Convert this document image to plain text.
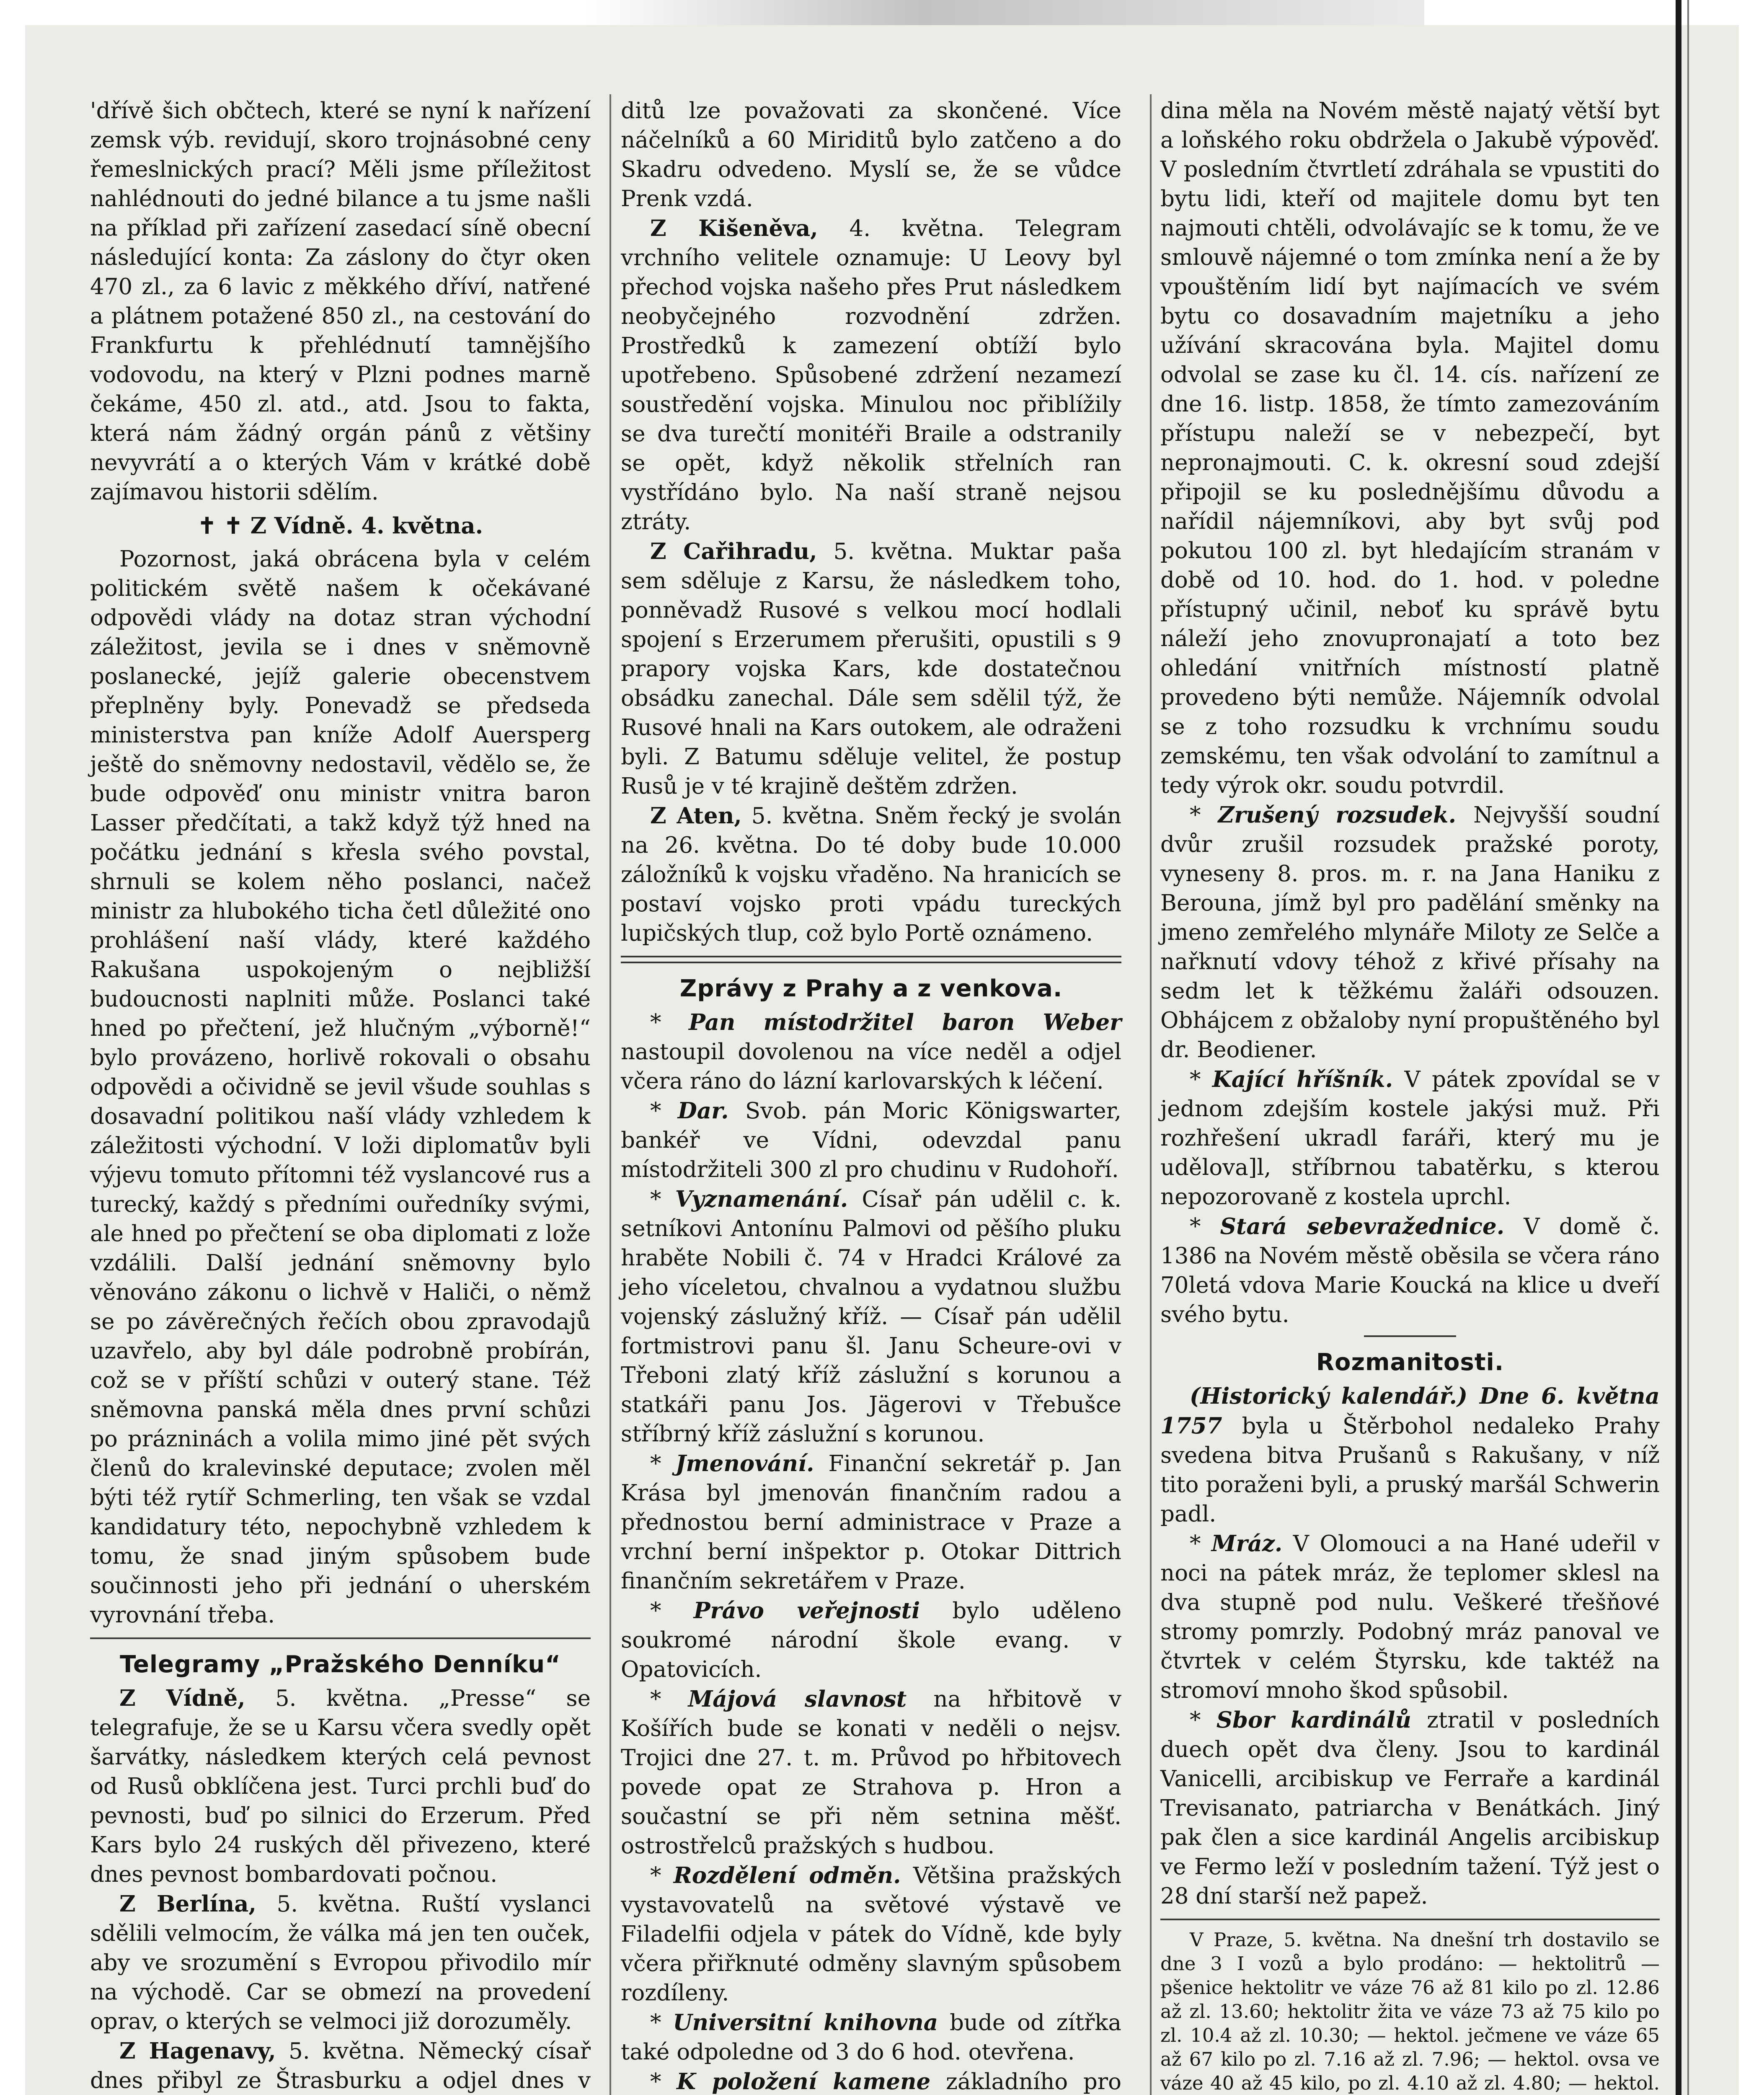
'dřívě šich občtech, které se nyní k nařízení zemsk výb. revidují, skoro trojnásobné ceny řemeslnických prací? Měli jsme příležitost nahlédnouti do jedné bilance a tu jsme našli na příklad při zařízení zasedací síně obecní následující konta: Za záslony do čtyr oken 470 zl., za 6 lavic z měkkého dříví, natřené a plátnem potažené 850 zl., na cestování do Frankfurtu k přehlédnutí tamnějšího vodovodu, na který v Plzni podnes marně čekáme, 450 zl. atd., atd. Jsou to fakta, která nám žádný orgán pánů z většiny nevyvrátí a o kterých Vám v krátké době zajímavou historii sdělím.

✝ ✝ Z Vídně. 4. května.

Pozornost, jaká obrácena byla v celém politickém světě našem k očekávané odpovědi vlády na dotaz stran východní záležitost, jevila se i dnes v sněmovně poslanecké, jejíž galerie obecenstvem přeplněny byly. Ponevadž se předseda ministerstva pan kníže Adolf Auersperg ještě do sněmovny nedostavil, vědělo se, že bude odpověď onu ministr vnitra baron Lasser předčítati, a takž když týž hned na počátku jednání s křesla svého povstal, shrnuli se kolem něho poslanci, načež ministr za hlubokého ticha četl důležité ono prohlášení naší vlády, které každého Rakušana uspokojeným o nejbližší budoucnosti naplniti může. Poslanci také hned po přečtení, jež hlučným „výborně!“ bylo provázeno, horlivě rokovali o obsahu odpovědi a očividně se jevil všude souhlas s dosavadní politikou naší vlády vzhledem k záležitosti východní. V loži diplomatův byli výjevu tomuto přítomni též vyslancové rus a turecký, každý s předními ouředníky svými, ale hned po přečtení se oba diplomati z lože vzdálili. Další jednání sněmovny bylo věnováno zákonu o lichvě v Haliči, o němž se po závěrečných řečích obou zpravodajů uzavřelo, aby byl dále podrobně probírán, což se v příští schůzi v outerý stane. Též sněmovna panská měla dnes první schůzi po prázninách a volila mimo jiné pět svých členů do kralevinské deputace; zvolen měl býti též rytíř Schmerling, ten však se vzdal kandidatury této, nepochybně vzhledem k tomu, že snad jiným spůsobem bude součinnosti jeho při jednání o uherském vyrovnání třeba.

Telegramy „Pražského Denníku“

Z Vídně, 5. května. „Presse“ se telegrafuje, že se u Karsu včera svedly opět šarvátky, následkem kterých celá pevnost od Rusů obklíčena jest. Turci prchli buď do pevnosti, buď po silnici do Erzerum. Před Kars bylo 24 ruských děl přivezeno, které dnes pevnost bombardovati počnou.

Z Berlína, 5. května. Ruští vyslanci sdělili velmocím, že válka má jen ten ouček, aby ve srozumění s Evropou přivodilo mír na východě. Car se obmezí na provedení oprav, o kterých se velmoci již dorozuměly.

Z Hagenavy, 5. května. Německý císař dnes přibyl ze Štrasburku a odjel dnes v

ditů lze považovati za skončené. Více náčelníků a 60 Miriditů bylo zatčeno a do Skadru odvedeno. Myslí se, že se vůdce Prenk vzdá.

Z Kišeněva, 4. května. Telegram vrchního velitele oznamuje: U Leovy byl přechod vojska našeho přes Prut následkem neobyčejného rozvodnění zdržen. Prostředků k zamezení obtíží bylo upotřebeno. Spůsobené zdržení nezamezí soustředění vojska. Minulou noc přiblížily se dva turečtí monitéři Braile a odstranily se opět, když několik střelních ran vystřídáno bylo. Na naší straně nejsou ztráty.

Z Cařihradu, 5. května. Muktar paša sem sděluje z Karsu, že následkem toho, ponněvadž Rusové s velkou mocí hodlali spojení s Erzerumem přerušiti, opustili s 9 prapory vojska Kars, kde dostatečnou obsádku zanechal. Dále sem sdělil týž, že Rusové hnali na Kars outokem, ale odraženi byli. Z Batumu sděluje velitel, že postup Rusů je v té krajině deštěm zdržen.

Z Aten, 5. května. Sněm řecký je svolán na 26. května. Do té doby bude 10.000 záložníků k vojsku vřaděno. Na hranicích se postaví vojsko proti vpádu tureckých lupičských tlup, což bylo Portě oznámeno.

Zprávy z Prahy a z venkova.

* Pan místodržitel baron Weber nastoupil dovolenou na více neděl a odjel včera ráno do lázní karlovarských k léčení.

* Dar. Svob. pán Moric Königswarter, bankéř ve Vídni, odevzdal panu místodržiteli 300 zl pro chudinu v Rudohoří.

* Vyznamenání. Císař pán udělil c. k. setníkovi Antonínu Palmovi od pěšího pluku hraběte Nobili č. 74 v Hradci Králové za jeho víceletou, chvalnou a vydatnou službu vojenský záslužný kříž. — Císař pán udělil fortmistrovi panu šl. Janu Scheure-ovi v Třeboni zlatý kříž záslužní s korunou a statkáři panu Jos. Jägerovi v Třebušce stříbrný kříž záslužní s korunou.

* Jmenování. Finanční sekretář p. Jan Krása byl jmenován finančním radou a přednostou berní administrace v Praze a vrchní berní inšpektor p. Otokar Dittrich finančním sekretářem v Praze.

* Právo veřejnosti bylo uděleno soukromé národní škole evang. v Opatovicích.

* Májová slavnost na hřbitově v Košířích bude se konati v neděli o nejsv. Trojici dne 27. t. m. Průvod po hřbitovech povede opat ze Strahova p. Hron a součastní se při něm setnina měšť. ostrostřelců pražských s hudbou.

* Rozdělení odměn. Většina pražských vystavovatelů na světové výstavě ve Filadelfii odjela v pátek do Vídně, kde byly včera přiřknuté odměny slavným spůsobem rozdíleny.

* Universitní knihovna bude od zítřka také odpoledne od 3 do 6 hod. otevřena.

* K položení kamene základního pro

dina měla na Novém městě najatý větší byt a loňského roku obdržela o Jakubě výpověď. V posledním čtvrtletí zdráhala se vpustiti do bytu lidi, kteří od majitele domu byt ten najmouti chtěli, odvolávajíc se k tomu, že ve smlouvě nájemné o tom zmínka není a že by vpouštěním lidí byt najímacích ve svém bytu co dosavadním majetníku a jeho užívání skracována byla. Majitel domu odvolal se zase ku čl. 14. cís. nařízení ze dne 16. listp. 1858, že tímto zamezováním přístupu naleží se v nebezpečí, byt nepronajmouti. C. k. okresní soud zdejší připojil se ku poslednějšímu důvodu a nařídil nájemníkovi, aby byt svůj pod pokutou 100 zl. byt hledajícím stranám v době od 10. hod. do 1. hod. v poledne přístupný učinil, neboť ku správě bytu náleží jeho znovupronajatí a toto bez ohledání vnitřních místností platně provedeno býti nemůže. Nájemník odvolal se z toho rozsudku k vrchnímu soudu zemskému, ten však odvolání to zamítnul a tedy výrok okr. soudu potvrdil.

* Zrušený rozsudek. Nejvyšší soudní dvůr zrušil rozsudek pražské poroty, vyneseny 8. pros. m. r. na Jana Haniku z Berouna, jímž byl pro padělání směnky na jmeno zemřelého mlynáře Miloty ze Selče a nařknutí vdovy téhož z křivé přísahy na sedm let k těžkému žaláři odsouzen. Obhájcem z obžaloby nyní propuštěného byl dr. Beodiener.

* Kající hříšník. V pátek zpovídal se v jednom zdejším kostele jakýsi muž. Při rozhřešení ukradl faráři, který mu je udělova]l, stříbrnou tabatěrku, s kterou nepozorovaně z kostela uprchl.

* Stará sebevražednice. V domě č. 1386 na Novém městě oběsila se včera ráno 70letá vdova Marie Koucká na klice u dveří svého bytu.

Rozmanitosti.

(Historický kalendář.) Dne 6. května 1757 byla u Štěrbohol nedaleko Prahy svedena bitva Prušanů s Rakušany, v níž tito poraženi byli, a pruský maršál Schwerin padl.

* Mráz. V Olomouci a na Hané udeřil v noci na pátek mráz, že teplomer sklesl na dva stupně pod nulu. Veškeré třešňové stromy pomrzly. Podobný mráz panoval ve čtvrtek v celém Štyrsku, kde taktéž na stromoví mnoho škod spůsobil.

* Sbor kardinálů ztratil v posledních duech opět dva členy. Jsou to kardinál Vanicelli, arcibiskup ve Ferraře a kardinál Trevisanato, patriarcha v Benátkách. Jiný pak člen a sice kardinál Angelis arcibiskup ve Fermo leží v posledním tažení. Týž jest o 28 dní starší než papež.

V Praze, 5. května. Na dnešní trh dostavilo se dne 3 I vozů a bylo prodáno: — hektolitrů — pšenice hektolitr ve váze 76 až 81 kilo po zl. 12.86 až zl. 13.60; hektolitr žita ve váze 73 až 75 kilo po zl. 10.4 až zl. 10.30; — hektol. ječmene ve váze 65 až 67 kilo po zl. 7.16 až zl. 7.96; — hektol. ovsa ve váze 40 až 45 kilo, po zl. 4.10 až zl. 4.80; — hektol.
